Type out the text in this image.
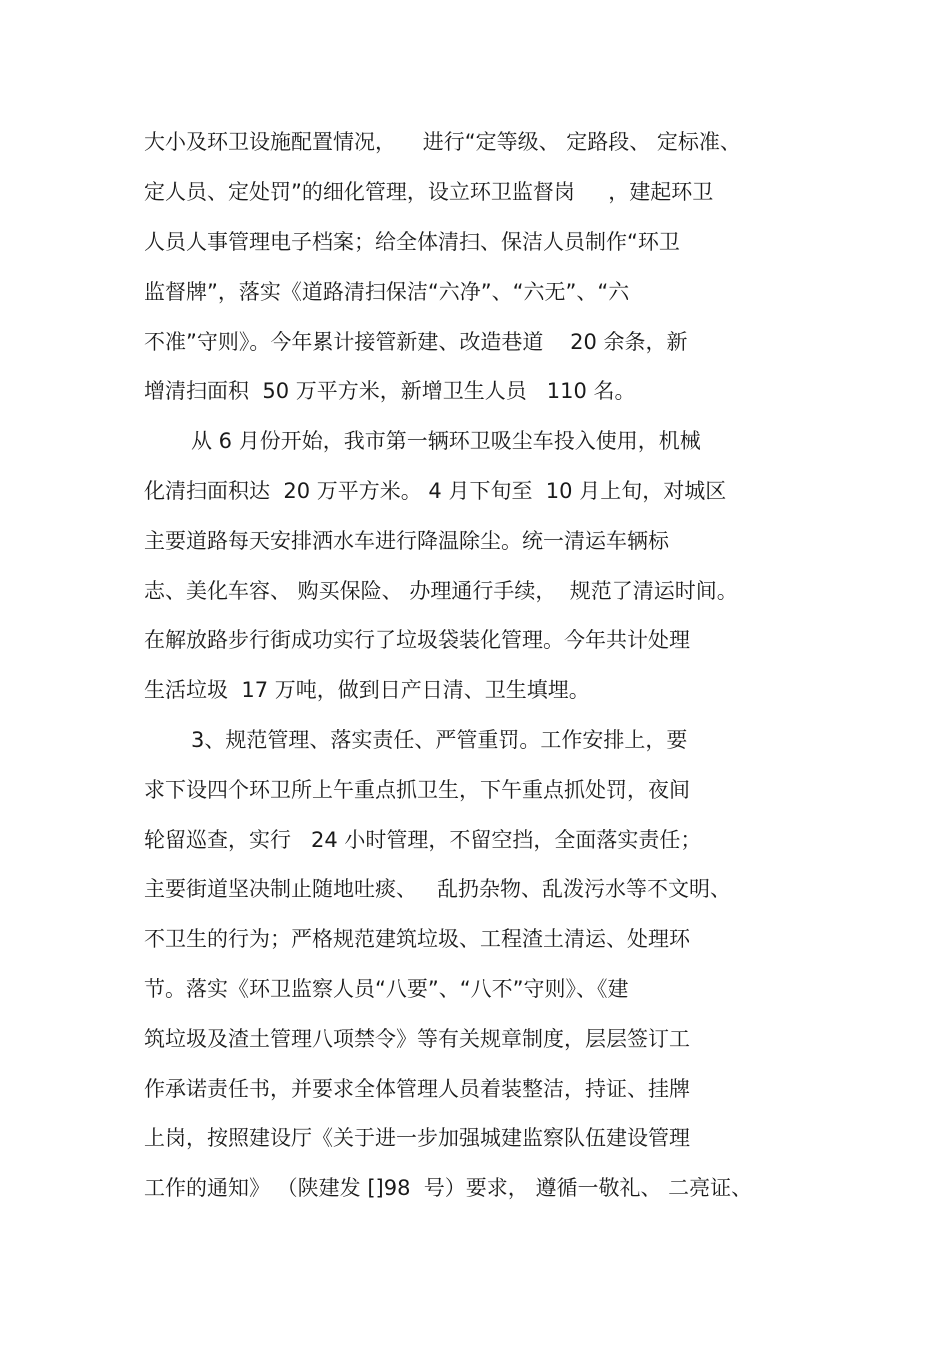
大小及环卫设施配置情况，    进行“定等级、 定路段、 定标准、

定人员、定处罚”的细化管理，设立环卫监督岗     ，建起环卫

人员人事管理电子档案；给全体清扫、保洁人员制作“环卫

监督牌”，落实《道路清扫保洁“六净”、“六无”、“六

不准”守则》。今年累计接管新建、改造巷道    20 余条，新

增清扫面积  50 万平方米，新增卫生人员   110 名。

从 6 月份开始，我市第一辆环卫吸尘车投入使用，机械

化清扫面积达  20 万平方米。 4 月下旬至  10 月上旬，对城区

主要道路每天安排洒水车进行降温除尘。统一清运车辆标

志、美化车容、 购买保险、 办理通行手续，  规范了清运时间。

在解放路步行街成功实行了垃圾袋装化管理。今年共计处理

生活垃圾  17 万吨，做到日产日清、卫生填埋。

3、规范管理、落实责任、严管重罚。工作安排上，要

求下设四个环卫所上午重点抓卫生，下午重点抓处罚，夜间

轮留巡查，实行   24 小时管理，不留空挡，全面落实责任；

主要街道坚决制止随地吐痰、   乱扔杂物、乱泼污水等不文明、

不卫生的行为；严格规范建筑垃圾、工程渣土清运、处理环

节。落实《环卫监察人员“八要”、“八不”守则》、《建

筑垃圾及渣土管理八项禁令》等有关规章制度，层层签订工

作承诺责任书，并要求全体管理人员着装整洁，持证、挂牌

上岗，按照建设厅《关于进一步加强城建监察队伍建设管理

工作的通知》 （陕建发 []98  号）要求， 遵循一敬礼、 二亮证、
